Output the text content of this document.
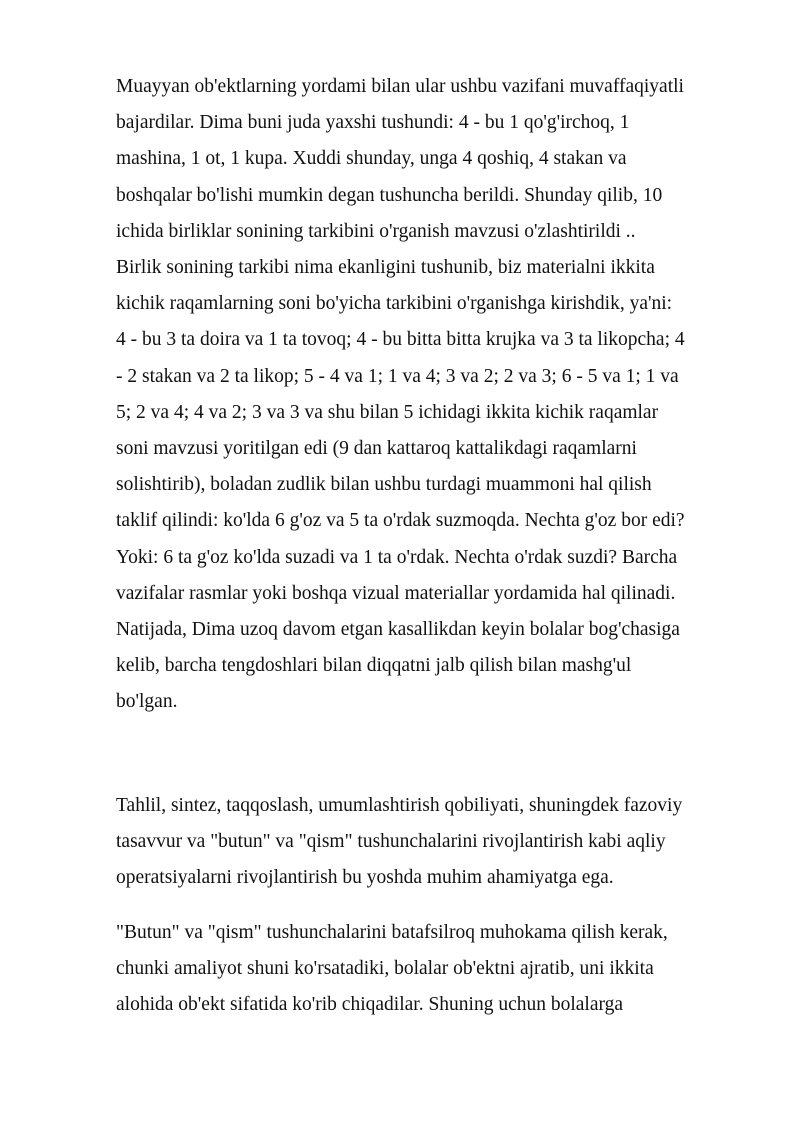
Muayyan ob'ektlarning yordami bilan ular ushbu vazifani muvaffaqiyatli
bajardilar. Dima buni juda yaxshi tushundi: 4 - bu 1 qo'g'irchoq, 1
mashina, 1 ot, 1 kupa. Xuddi shunday, unga 4 qoshiq, 4 stakan va
boshqalar bo'lishi mumkin degan tushuncha berildi. Shunday qilib, 10
ichida birliklar sonining tarkibini o'rganish mavzusi o'zlashtirildi ..
Birlik sonining tarkibi nima ekanligini tushunib, biz materialni ikkita
kichik raqamlarning soni bo'yicha tarkibini o'rganishga kirishdik, ya'ni:
4 - bu 3 ta doira va 1 ta tovoq; 4 - bu bitta bitta krujka va 3 ta likopcha; 4
- 2 stakan va 2 ta likop; 5 - 4 va 1; 1 va 4; 3 va 2; 2 va 3; 6 - 5 va 1; 1 va
5; 2 va 4; 4 va 2; 3 va 3 va shu bilan 5 ichidagi ikkita kichik raqamlar
soni mavzusi yoritilgan edi (9 dan kattaroq kattalikdagi raqamlarni
solishtirib), boladan zudlik bilan ushbu turdagi muammoni hal qilish
taklif qilindi: ko'lda 6 g'oz va 5 ta o'rdak suzmoqda. Nechta g'oz bor edi?
Yoki: 6 ta g'oz ko'lda suzadi va 1 ta o'rdak. Nechta o'rdak suzdi? Barcha
vazifalar rasmlar yoki boshqa vizual materiallar yordamida hal qilinadi.
Natijada, Dima uzoq davom etgan kasallikdan keyin bolalar bog'chasiga
kelib, barcha tengdoshlari bilan diqqatni jalb qilish bilan mashg'ul
bo'lgan.

Tahlil, sintez, taqqoslash, umumlashtirish qobiliyati, shuningdek fazoviy
tasavvur va "butun" va "qism" tushunchalarini rivojlantirish kabi aqliy
operatsiyalarni rivojlantirish bu yoshda muhim ahamiyatga ega.

"Butun" va "qism" tushunchalarini batafsilroq muhokama qilish kerak,
chunki amaliyot shuni ko'rsatadiki, bolalar ob'ektni ajratib, uni ikkita
alohida ob'ekt sifatida ko'rib chiqadilar. Shuning uchun bolalarga
